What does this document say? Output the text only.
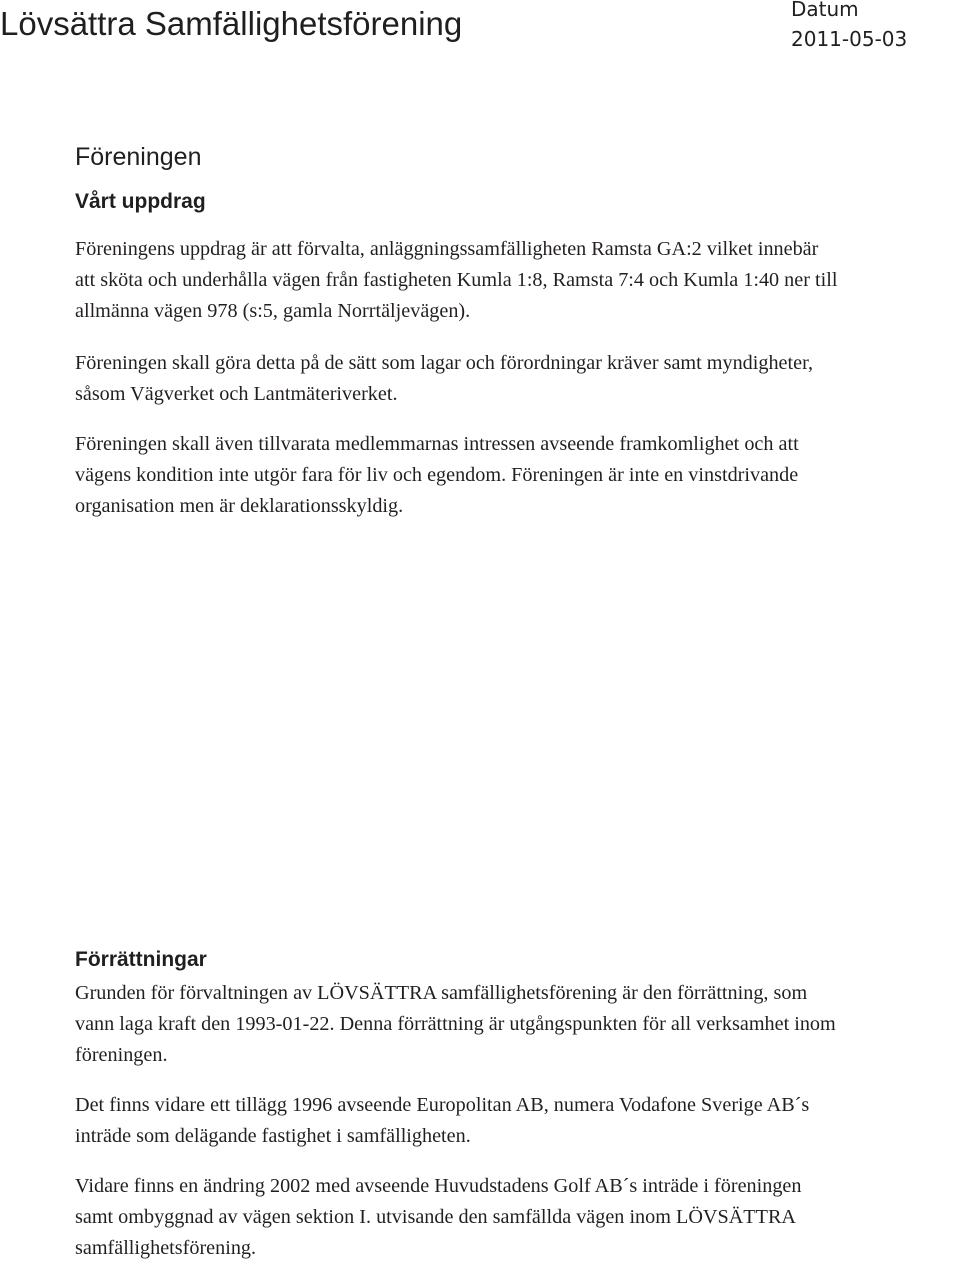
Lövsättra Samfällighetsförening	Datum
2011-05-03
Föreningen
Vårt uppdrag
Föreningens uppdrag är att förvalta, anläggningssamfälligheten Ramsta GA:2 vilket innebär
att sköta och underhålla vägen från fastigheten Kumla 1:8, Ramsta 7:4 och Kumla 1:40 ner till
allmänna vägen 978 (s:5, gamla Norrtäljevägen).
Föreningen skall göra detta på de sätt som lagar och förordningar kräver samt myndigheter,
såsom Vägverket och Lantmäteriverket.
Föreningen skall även tillvarata medlemmarnas intressen avseende framkomlighet och att
vägens kondition inte utgör fara för liv och egendom. Föreningen är inte en vinstdrivande
organisation men är deklarationsskyldig.
Förrättningar
Grunden för förvaltningen av LÖVSÄTTRA samfällighetsförening är den förrättning, som
vann laga kraft den 1993-01-22. Denna förrättning är utgångspunkten för all verksamhet inom
föreningen.
Det finns vidare ett tillägg 1996 avseende Europolitan AB, numera Vodafone Sverige AB´s
inträde som delägande fastighet i samfälligheten.
Vidare finns en ändring 2002 med avseende Huvudstadens Golf AB´s inträde i föreningen
samt ombyggnad av vägen sektion I. utvisande den samfällda vägen inom LÖVSÄTTRA
samfällighetsförening.
